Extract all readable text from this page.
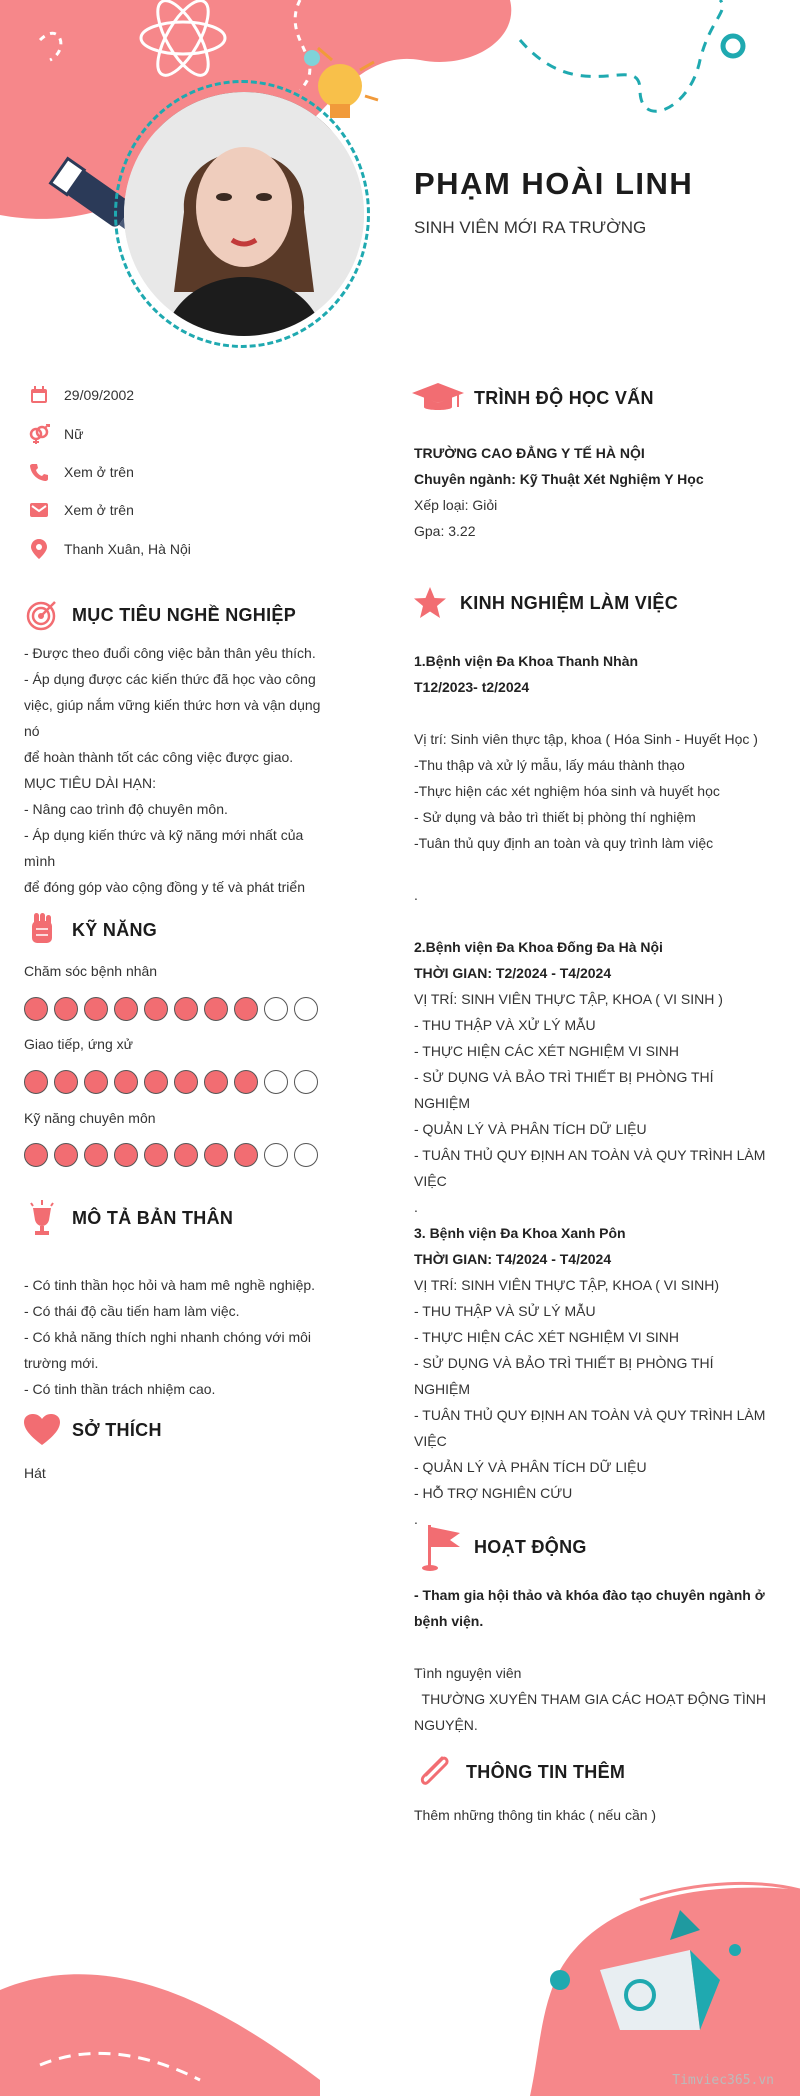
PHẠM HOÀI LINH
SINH VIÊN MỚI RA TRƯỜNG
29/09/2002
Nữ
Xem ở trên
Xem ở trên
Thanh Xuân, Hà Nội
MỤC TIÊU NGHỀ NGHIỆP
- Được theo đuổi công việc bản thân yêu thích.
- Áp dụng được các kiến thức đã học vào công
việc, giúp nắm vững kiến thức hơn và vận dụng
nó
để hoàn thành tốt các công việc được giao.
MỤC TIÊU DÀI HẠN:
- Nâng cao trình độ chuyên môn.
- Áp dụng kiến thức và kỹ năng mới nhất của
mình
để đóng góp vào cộng đồng y tế và phát triển
KỸ NĂNG
Chăm sóc bệnh nhân
Giao tiếp, ứng xử
Kỹ năng chuyên môn
MÔ TẢ BẢN THÂN
- Có tinh thần học hỏi và ham mê nghề nghiệp.
- Có thái độ cầu tiến ham làm việc.
- Có khả năng thích nghi nhanh chóng với môi
trường mới.
- Có tinh thần trách nhiệm cao.
SỞ THÍCH
Hát
TRÌNH ĐỘ HỌC VẤN
TRƯỜNG CAO ĐẲNG Y TẾ HÀ NỘI
Chuyên ngành: Kỹ Thuật Xét Nghiệm Y Học
Xếp loại: Giỏi
Gpa: 3.22
KINH NGHIỆM LÀM VIỆC
1.Bệnh viện Đa Khoa Thanh Nhàn
T12/2023- t2/2024
Vị trí: Sinh viên thực tập, khoa ( Hóa Sinh - Huyết Học )
-Thu thập và xử lý mẫu, lấy máu thành thạo
-Thực hiện các xét nghiệm hóa sinh và huyết học
- Sử dụng và bảo trì thiết bị phòng thí nghiệm
-Tuân thủ quy định an toàn và quy trình làm việc
.
2.Bệnh viện Đa Khoa Đống Đa Hà Nội
THỜI GIAN: T2/2024 - T4/2024
VỊ TRÍ: SINH VIÊN THỰC TẬP, KHOA ( VI SINH )
- THU THẬP VÀ XỬ LÝ MẪU
- THỰC HIỆN CÁC XÉT NGHIỆM VI SINH
- SỬ DỤNG VÀ BẢO TRÌ THIẾT BỊ PHÒNG THÍ NGHIỆM
- QUẢN LÝ VÀ PHÂN TÍCH DỮ LIỆU
- TUÂN THỦ QUY ĐỊNH AN TOÀN VÀ QUY TRÌNH LÀM
VIỆC
.
3. Bệnh viện Đa Khoa Xanh Pôn
THỜI GIAN: T4/2024 - T4/2024
VỊ TRÍ: SINH VIÊN THỰC TẬP, KHOA ( VI SINH)
- THU THẬP VÀ SỬ LÝ MẪU
- THỰC HIỆN CÁC XÉT NGHIỆM VI SINH
- SỬ DỤNG VÀ BẢO TRÌ THIẾT BỊ PHÒNG THÍ NGHIỆM
- TUÂN THỦ QUY ĐỊNH AN TOÀN VÀ QUY TRÌNH LÀM
VIỆC
- QUẢN LÝ VÀ PHÂN TÍCH DỮ LIỆU
- HỖ TRỢ NGHIÊN CỨU
.
HOẠT ĐỘNG
- Tham gia hội thảo và khóa đào tạo chuyên ngành ở
bệnh viện.
Tình nguyện viên
THƯỜNG XUYÊN THAM GIA CÁC HOẠT ĐỘNG TÌNH
NGUYỆN.
THÔNG TIN THÊM
Thêm những thông tin khác ( nếu cần )
Timviec365.vn
